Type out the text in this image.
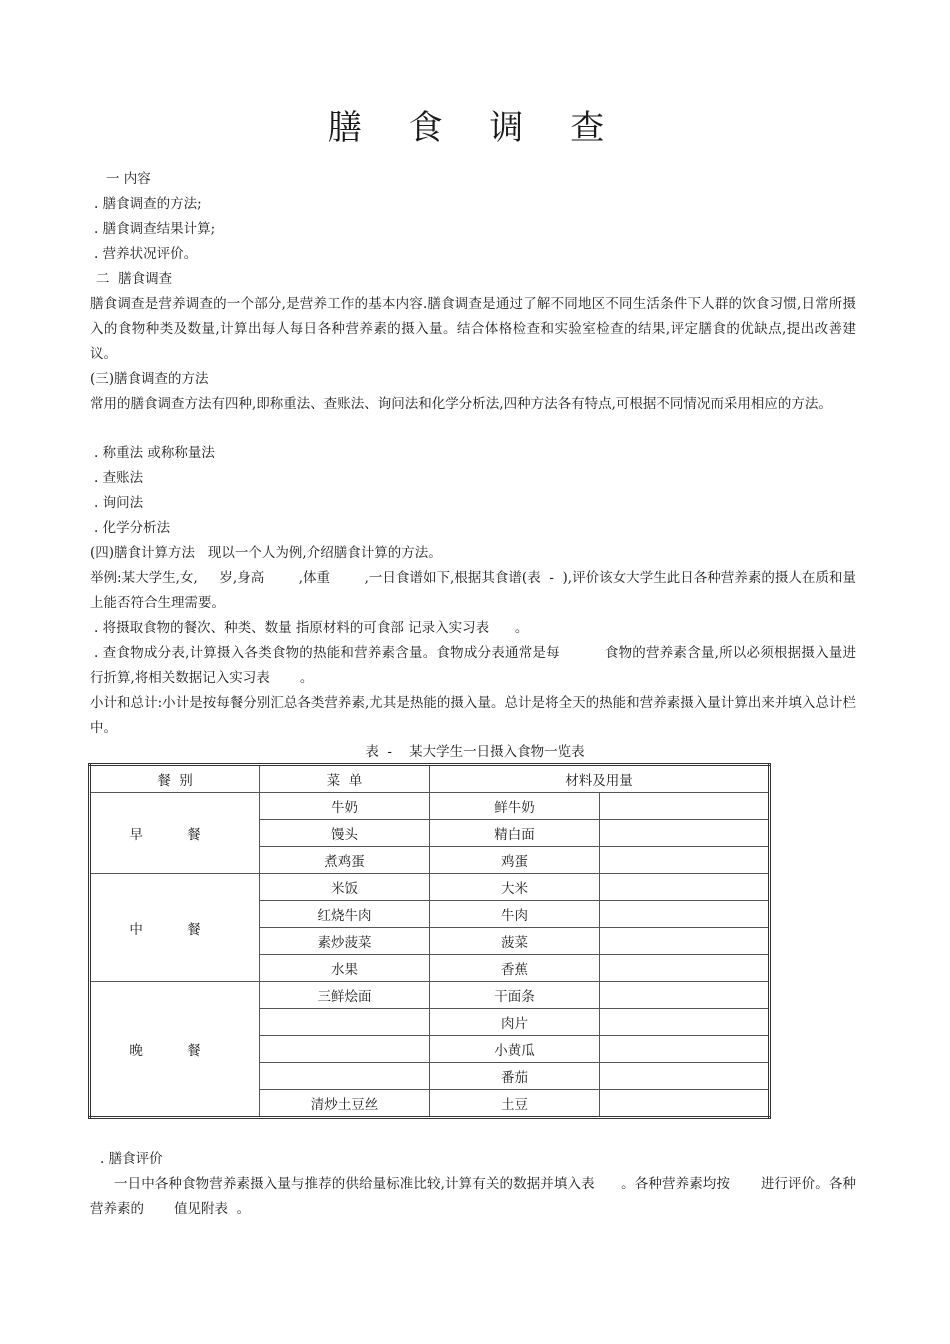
膳 食 调 查
一 内容
. 膳食调查的方法;
. 膳食调查结果计算;
. 营养状况评价。
二  膳食调查
膳食调查是营养调查的一个部分,是营养工作的基本内容.膳食调查是通过了解不同地区不同生活条件下人群的饮食习惯,日常所摄入的食物种类及数量,计算出每人每日各种营养素的摄入量。结合体格检查和实验室检查的结果,评定膳食的优缺点,提出改善建议。
(三)膳食调查的方法
常用的膳食调查方法有四种,即称重法、查账法、询问法和化学分析法,四种方法各有特点,可根据不同情况而采用相应的方法。
. 称重法 或称称量法
. 查账法
. 询问法
. 化学分析法
(四)膳食计算方法   现以一个人为例,介绍膳食计算的方法。
举例:某大学生,女,     岁,身高        ,体重        ,一日食谱如下,根据其食谱(表  -  ),评价该女大学生此日各种营养素的摄人在质和量上能否符合生理需要。
. 将摄取食物的餐次、种类、数量 指原材料的可食部 记录入实习表      。
. 查食物成分表,计算摄入各类食物的热能和营养素含量。食物成分表通常是每          食物的营养素含量,所以必须根据摄入量进行折算,将相关数据记入实习表       。
小计和总计:小计是按每餐分别汇总各类营养素,尤其是热能的摄入量。总计是将全天的热能和营养素摄入量计算出来并填入总计栏中。
表  -    某大学生一日摄入食物一览表
餐  别	菜  单	材料及用量	
早 餐	牛奶	鲜牛奶	
	馒头	精白面	
	煮鸡蛋	鸡蛋	
中 餐	米饭	大米	
	红烧牛肉	牛肉	
	素炒菠菜	菠菜	
	水果	香蕉	
晚 餐	三鲜烩面	干面条	
		肉片	
		小黄瓜	
		番茄	
	清炒土豆丝	土豆	
. 膳食评价
一日中各种食物营养素摄入量与推荐的供给量标准比较,计算有关的数据并填入表      。各种营养素均按       进行评价。各种营养素的       值见附表  。
